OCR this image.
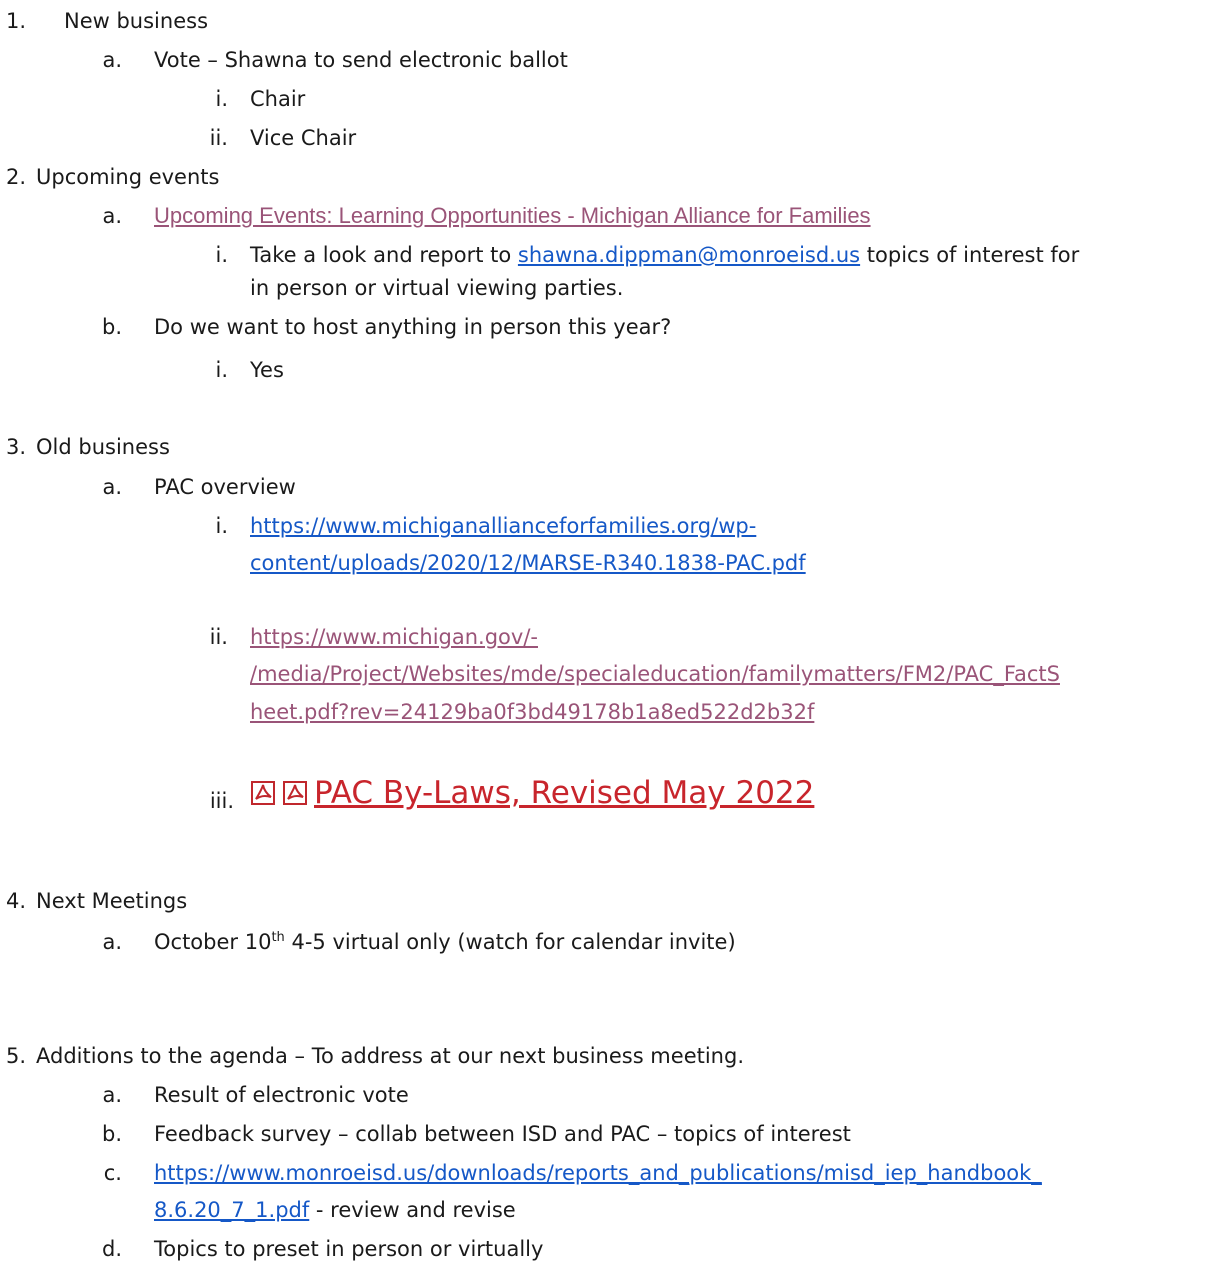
1. New business
a. Vote – Shawna to send electronic ballot
i. Chair
ii. Vice Chair
2. Upcoming events
a. Upcoming Events: Learning Opportunities - Michigan Alliance for Families
i. Take a look and report to shawna.dippman@monroeisd.us topics of interest for
in person or virtual viewing parties.
b. Do we want to host anything in person this year?
i. Yes
3. Old business
a. PAC overview
i. https://www.michiganallianceforfamilies.org/wp-
content/uploads/2020/12/MARSE-R340.1838-PAC.pdf
ii. https://www.michigan.gov/-
/media/Project/Websites/mde/specialeducation/familymatters/FM2/PAC_FactS
heet.pdf?rev=24129ba0f3bd49178b1a8ed522d2b32f
iii.	PAC By-Laws, Revised May 2022
4. Next Meetings
a. October 10th 4-5 virtual only (watch for calendar invite)
5. Additions to the agenda – To address at our next business meeting.
a. Result of electronic vote
b. Feedback survey – collab between ISD and PAC – topics of interest
c. https://www.monroeisd.us/downloads/reports_and_publications/misd_iep_handbook_
8.6.20_7_1.pdf - review and revise
d. Topics to preset in person or virtually
